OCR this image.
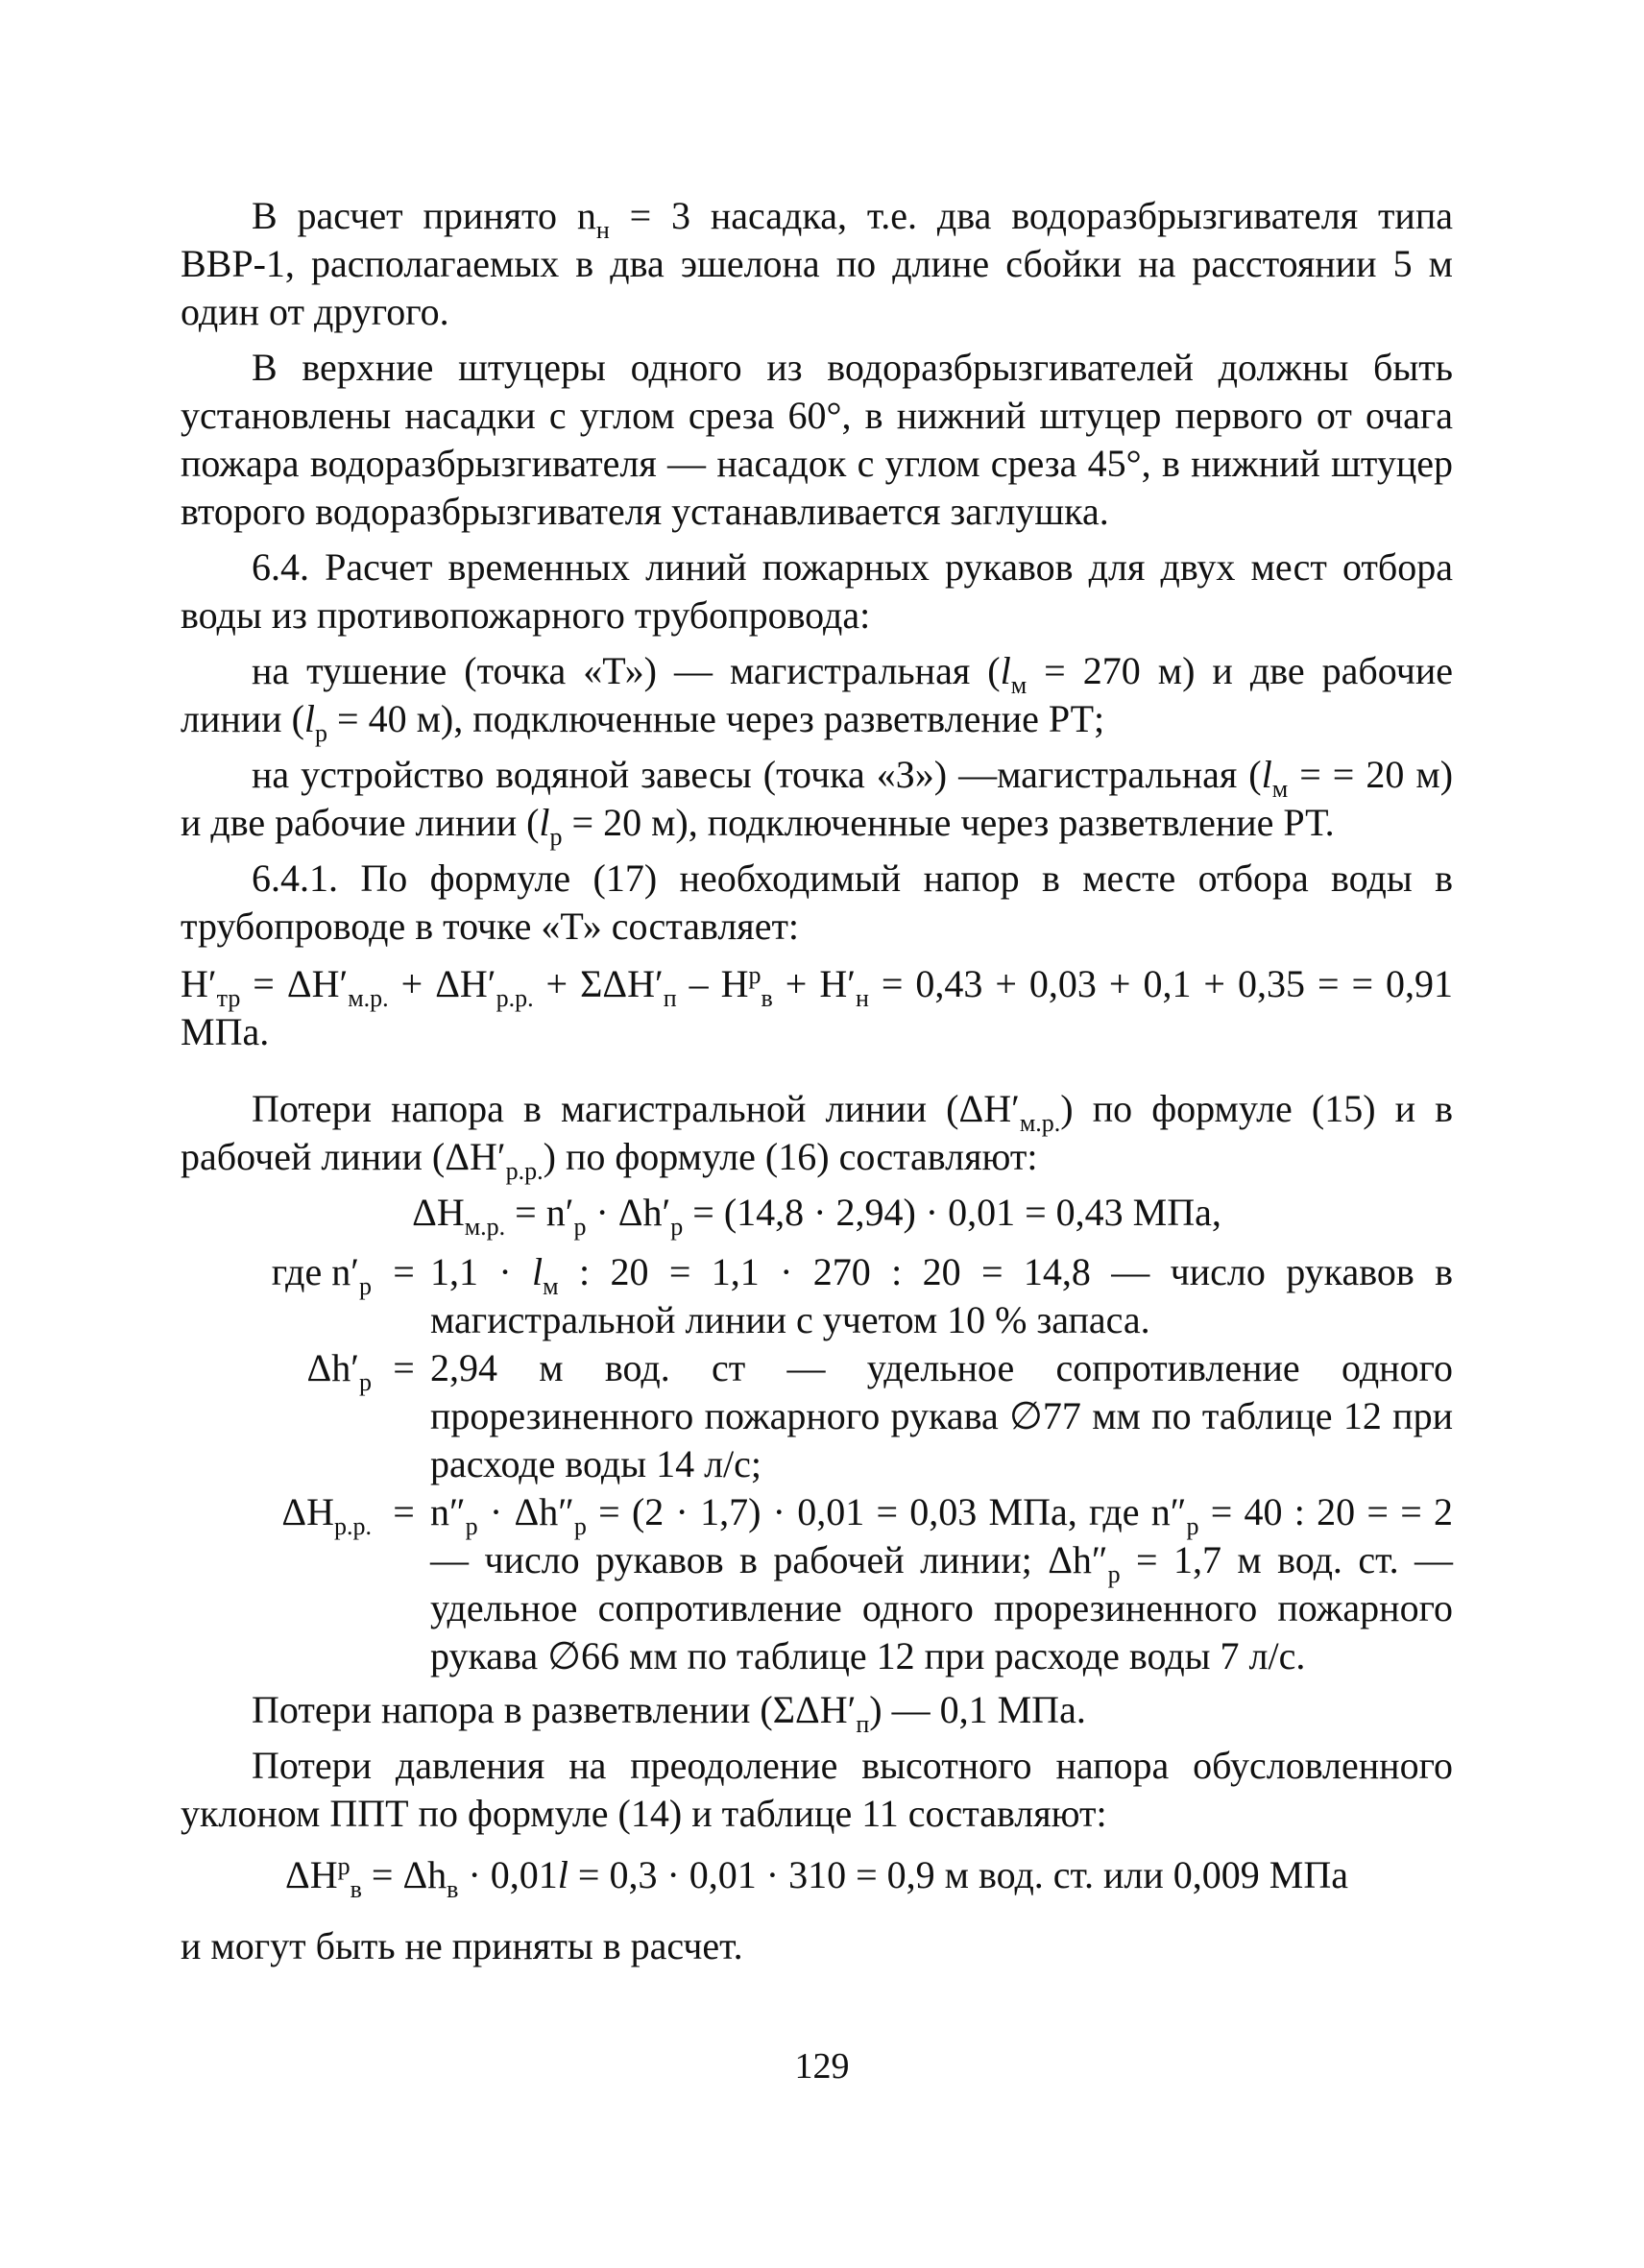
В расчет принято $n_н = 3$ насадка, т.е. два водоразбрызгивателя типа ВВР-1, располагаемых в два эшелона по длине сбойки на расстоянии 5 м один от другого.

В верхние штуцеры одного из водоразбрызгивателей должны быть установлены насадки с углом среза 60°, в нижний штуцер первого от очага пожара водоразбрызгивателя — насадок с углом среза 45°, в нижний штуцер второго водоразбрызгивателя устанавливается заглушка.

6.4. Расчет временных линий пожарных рукавов для двух мест отбора воды из противопожарного трубопровода:

на тушение (точка «Т») — магистральная ($l_м = 270$ м) и две рабочие линии ($l_р = 40$ м), подключенные через разветвление РТ;

на устройство водяной завесы (точка «З») —магистральная ($l_м$ = = 20 м) и две рабочие линии ($l_р = 20$ м), подключенные через разветвление РТ.

6.4.1. По формуле (17) необходимый напор в месте отбора воды в трубопроводе в точке «Т» составляет:

$H'_{тр} = \Delta H'_{м.р.} + \Delta H'_{р.р.} + \Sigma\Delta H'_п - H^р_в + H'_н = 0,43 + 0,03 + 0,1 + 0,35$ = = 0,91 МПа.

Потери напора в магистральной линии $(\Delta H'_{м.р.})$ по формуле (15) и в рабочей линии $(\Delta H'_{р.р.})$ по формуле (16) составляют:

$\Delta H_{м.р.} = n'_р \cdot \Delta h'_р = (14,8 \cdot 2,94) \cdot 0,01 = 0,43$ МПа,

где $n'_р = 1,1 \cdot l_м$ : 20 = 1,1 · 270 : 20 = 14,8 — число рукавов в магистральной линии с учетом 10 % запаса.
$\Delta h'_р = 2,94$ м вод. ст — удельное сопротивление одного прорезиненного пожарного рукава ∅77 мм по таблице 12 при расходе воды 14 л/с;
$\Delta H_{р.р.} = n''_р \cdot \Delta h''_р = (2 \cdot 1,7) \cdot 0,01 = 0,03$ МПа, где $n''_р = 40$ : 20 = = 2 — число рукавов в рабочей линии; $\Delta h''_р = 1,7$ м вод. ст. — удельное сопротивление одного прорезиненного пожарного рукава ∅66 мм по таблице 12 при расходе воды 7 л/с.

Потери напора в разветвлении $(\Sigma\Delta H'_п)$ — 0,1 МПа.

Потери давления на преодоление высотного напора обусловленного уклоном ППТ по формуле (14) и таблице 11 составляют:

$\Delta H^р_в = \Delta h_в \cdot 0,01l = 0,3 \cdot 0,01 \cdot 310 = 0,9$ м вод. ст. или 0,009 МПа

и могут быть не приняты в расчет.

129
